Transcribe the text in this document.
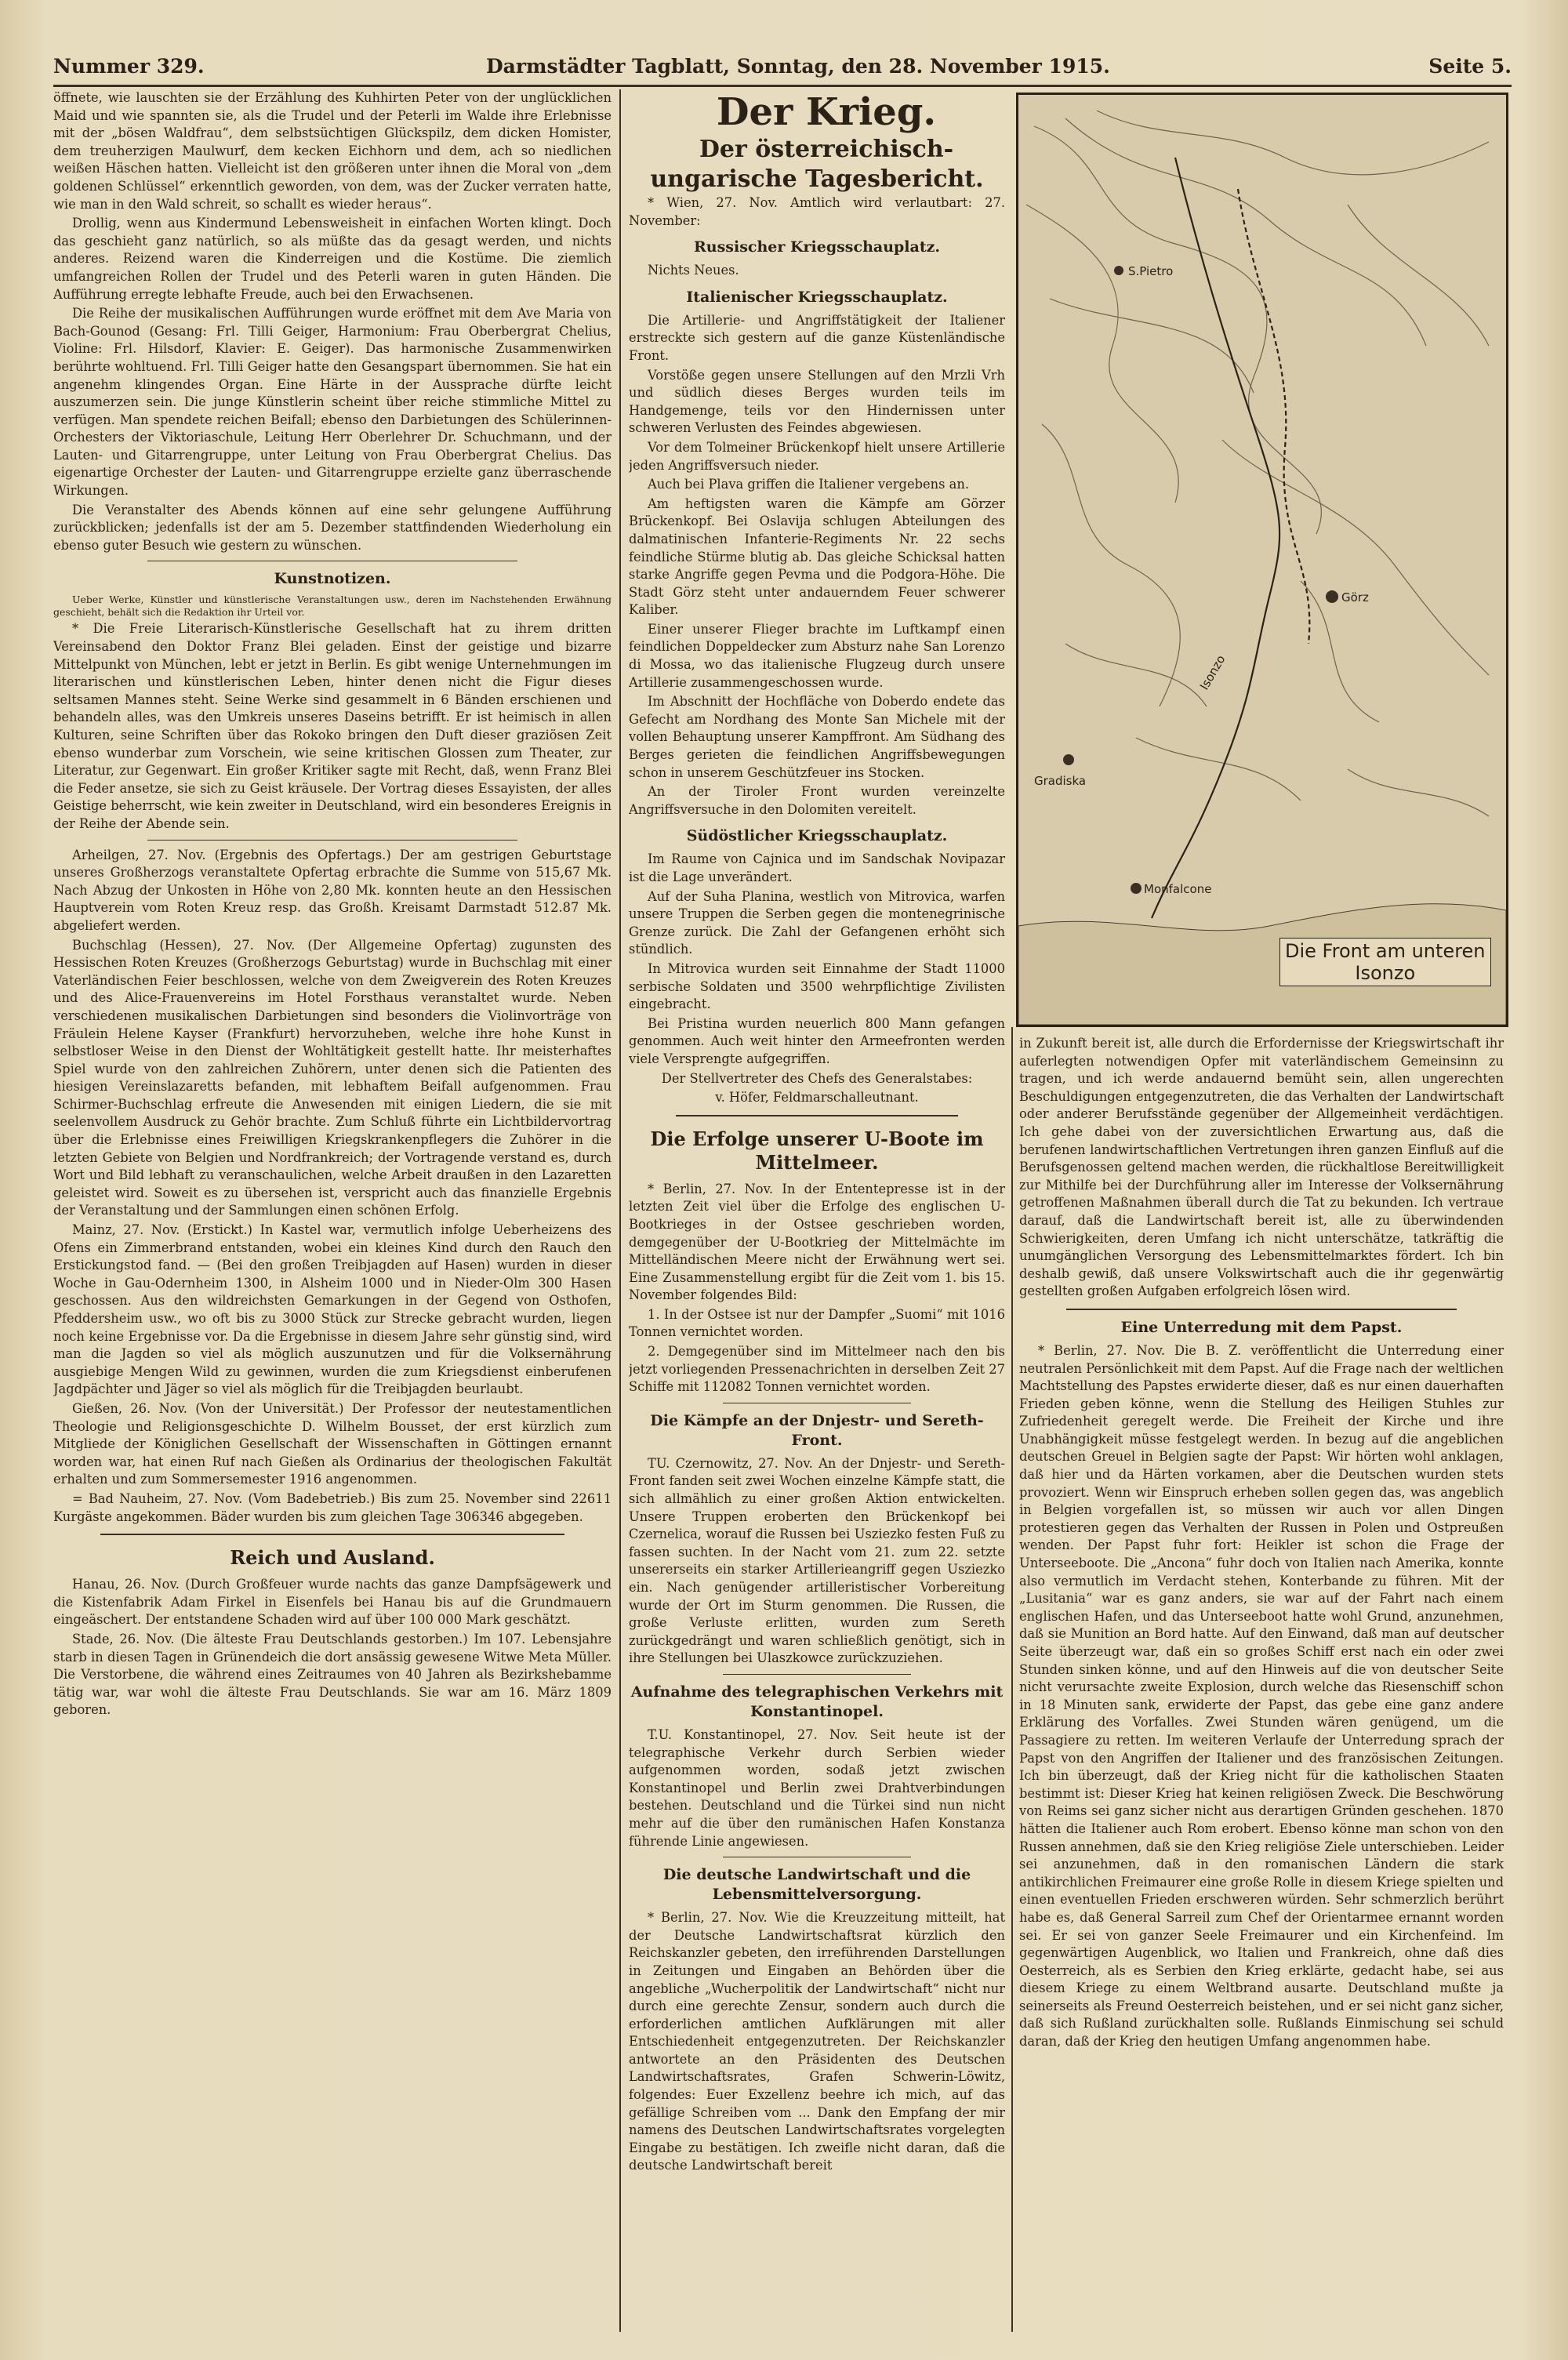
Nummer 329.	Darmstädter Tagblatt, Sonntag, den 28. November 1915.	Seite 5.

öffnete, wie lauschten sie der Erzählung des Kuhhirten Peter von der unglücklichen Maid und wie spannten sie, als die Trudel und der Peterli im Walde ihre Erlebnisse mit der „bösen Waldfrau“, dem selbstsüchtigen Glückspilz, dem dicken Homister, dem treuherzigen Maulwurf, dem kecken Eichhorn und dem, ach so niedlichen weißen Häschen hatten. Vielleicht ist den größeren unter ihnen die Moral von „dem goldenen Schlüssel“ erkenntlich geworden, von dem, was der Zucker verraten hatte, wie man in den Wald schreit, so schallt es wieder heraus“.

Drollig, wenn aus Kindermund Lebensweisheit in einfachen Worten klingt. Doch das geschieht ganz natürlich, so als müßte das da gesagt werden, und nichts anderes. Reizend waren die Kinderreigen und die Kostüme. Die ziemlich umfangreichen Rollen der Trudel und des Peterli waren in guten Händen. Die Aufführung erregte lebhafte Freude, auch bei den Erwachsenen.

Die Reihe der musikalischen Aufführungen wurde eröffnet mit dem Ave Maria von Bach-Gounod (Gesang: Frl. Tilli Geiger, Harmonium: Frau Oberbergrat Chelius, Violine: Frl. Hilsdorf, Klavier: E. Geiger). Das harmonische Zusammenwirken berührte wohltuend. Frl. Tilli Geiger hatte den Gesangspart übernommen. Sie hat ein angenehm klingendes Organ. Eine Härte in der Aussprache dürfte leicht auszumerzen sein. Die junge Künstlerin scheint über reiche stimmliche Mittel zu verfügen. Man spendete reichen Beifall; ebenso den Darbietungen des Schülerinnen-Orchesters der Viktoriaschule, Leitung Herr Oberlehrer Dr. Schuchmann, und der Lauten- und Gitarrengruppe, unter Leitung von Frau Oberbergrat Chelius. Das eigenartige Orchester der Lauten- und Gitarrengruppe erzielte ganz überraschende Wirkungen.

Die Veranstalter des Abends können auf eine sehr gelungene Aufführung zurückblicken; jedenfalls ist der am 5. Dezember stattfindenden Wiederholung ein ebenso guter Besuch wie gestern zu wünschen.

Kunstnotizen.

Ueber Werke, Künstler und künstlerische Veranstaltungen usw., deren im Nachstehenden Erwähnung geschieht, behält sich die Redaktion ihr Urteil vor.

* Die Freie Literarisch-Künstlerische Gesellschaft hat zu ihrem dritten Vereinsabend den Doktor Franz Blei geladen. Einst der geistige und bizarre Mittelpunkt von München, lebt er jetzt in Berlin. Es gibt wenige Unternehmungen im literarischen und künstlerischen Leben, hinter denen nicht die Figur dieses seltsamen Mannes steht. Seine Werke sind gesammelt in 6 Bänden erschienen und behandeln alles, was den Umkreis unseres Daseins betrifft. Er ist heimisch in allen Kulturen, seine Schriften über das Rokoko bringen den Duft dieser graziösen Zeit ebenso wunderbar zum Vorschein, wie seine kritischen Glossen zum Theater, zur Literatur, zur Gegenwart. Ein großer Kritiker sagte mit Recht, daß, wenn Franz Blei die Feder ansetze, sie sich zu Geist kräusele. Der Vortrag dieses Essayisten, der alles Geistige beherrscht, wie kein zweiter in Deutschland, wird ein besonderes Ereignis in der Reihe der Abende sein.

Arheilgen, 27. Nov. (Ergebnis des Opfertags.) Der am gestrigen Geburtstage unseres Großherzogs veranstaltete Opfertag erbrachte die Summe von 515,67 Mk. Nach Abzug der Unkosten in Höhe von 2,80 Mk. konnten heute an den Hessischen Hauptverein vom Roten Kreuz resp. das Großh. Kreisamt Darmstadt 512.87 Mk. abgeliefert werden.

Buchschlag (Hessen), 27. Nov. (Der Allgemeine Opfertag) zugunsten des Hessischen Roten Kreuzes (Großherzogs Geburtstag) wurde in Buchschlag mit einer Vaterländischen Feier beschlossen, welche von dem Zweigverein des Roten Kreuzes und des Alice-Frauenvereins im Hotel Forsthaus veranstaltet wurde. Neben verschiedenen musikalischen Darbietungen sind besonders die Violinvorträge von Fräulein Helene Kayser (Frankfurt) hervorzuheben, welche ihre hohe Kunst in selbstloser Weise in den Dienst der Wohltätigkeit gestellt hatte. Ihr meisterhaftes Spiel wurde von den zahlreichen Zuhörern, unter denen sich die Patienten des hiesigen Vereinslazaretts befanden, mit lebhaftem Beifall aufgenommen. Frau Schirmer-Buchschlag erfreute die Anwesenden mit einigen Liedern, die sie mit seelenvollem Ausdruck zu Gehör brachte. Zum Schluß führte ein Lichtbildervortrag über die Erlebnisse eines Freiwilligen Kriegskrankenpflegers die Zuhörer in die letzten Gebiete von Belgien und Nordfrankreich; der Vortragende verstand es, durch Wort und Bild lebhaft zu veranschaulichen, welche Arbeit draußen in den Lazaretten geleistet wird. Soweit es zu übersehen ist, verspricht auch das finanzielle Ergebnis der Veranstaltung und der Sammlungen einen schönen Erfolg.

Mainz, 27. Nov. (Erstickt.) In Kastel war, vermutlich infolge Ueberheizens des Ofens ein Zimmerbrand entstanden, wobei ein kleines Kind durch den Rauch den Erstickungstod fand. — (Bei den großen Treibjagden auf Hasen) wurden in dieser Woche in Gau-Odernheim 1300, in Alsheim 1000 und in Nieder-Olm 300 Hasen geschossen. Aus den wildreichsten Gemarkungen in der Gegend von Osthofen, Pfeddersheim usw., wo oft bis zu 3000 Stück zur Strecke gebracht wurden, liegen noch keine Ergebnisse vor. Da die Ergebnisse in diesem Jahre sehr günstig sind, wird man die Jagden so viel als möglich auszunutzen und für die Volksernährung ausgiebige Mengen Wild zu gewinnen, wurden die zum Kriegsdienst einberufenen Jagdpächter und Jäger so viel als möglich für die Treibjagden beurlaubt.

Gießen, 26. Nov. (Von der Universität.) Der Professor der neutestamentlichen Theologie und Religionsgeschichte D. Wilhelm Bousset, der erst kürzlich zum Mitgliede der Königlichen Gesellschaft der Wissenschaften in Göttingen ernannt worden war, hat einen Ruf nach Gießen als Ordinarius der theologischen Fakultät erhalten und zum Sommersemester 1916 angenommen.

= Bad Nauheim, 27. Nov. (Vom Badebetrieb.) Bis zum 25. November sind 22611 Kurgäste angekommen. Bäder wurden bis zum gleichen Tage 306346 abgegeben.

Reich und Ausland.

Hanau, 26. Nov. (Durch Großfeuer wurde nachts das ganze Dampfsägewerk und die Kistenfabrik Adam Firkel in Eisenfels bei Hanau bis auf die Grundmauern eingeäschert. Der entstandene Schaden wird auf über 100 000 Mark geschätzt.

Stade, 26. Nov. (Die älteste Frau Deutschlands gestorben.) Im 107. Lebensjahre starb in diesen Tagen in Grünendeich die dort ansässig gewesene Witwe Meta Müller. Die Verstorbene, die während eines Zeitraumes von 40 Jahren als Bezirkshebamme tätig war, war wohl die älteste Frau Deutschlands. Sie war am 16. März 1809 geboren.

Der Krieg.

Der österreichisch-ungarische Tagesbericht.

* Wien, 27. Nov. Amtlich wird verlautbart: 27. November:

Russischer Kriegsschauplatz.

Nichts Neues.

Italienischer Kriegsschauplatz.

Die Artillerie- und Angriffstätigkeit der Italiener erstreckte sich gestern auf die ganze Küstenländische Front.

Vorstöße gegen unsere Stellungen auf den Mrzli Vrh und südlich dieses Berges wurden teils im Handgemenge, teils vor den Hindernissen unter schweren Verlusten des Feindes abgewiesen.

Vor dem Tolmeiner Brückenkopf hielt unsere Artillerie jeden Angriffsversuch nieder.

Auch bei Plava griffen die Italiener vergebens an.

Am heftigsten waren die Kämpfe am Görzer Brückenkopf. Bei Oslavija schlugen Abteilungen des dalmatinischen Infanterie-Regiments Nr. 22 sechs feindliche Stürme blutig ab. Das gleiche Schicksal hatten starke Angriffe gegen Pevma und die Podgora-Höhe. Die Stadt Görz steht unter andauerndem Feuer schwerer Kaliber.

Einer unserer Flieger brachte im Luftkampf einen feindlichen Doppeldecker zum Absturz nahe San Lorenzo di Mossa, wo das italienische Flugzeug durch unsere Artillerie zusammengeschossen wurde.

Im Abschnitt der Hochfläche von Doberdo endete das Gefecht am Nordhang des Monte San Michele mit der vollen Behauptung unserer Kampffront. Am Südhang des Berges gerieten die feindlichen Angriffsbewegungen schon in unserem Geschützfeuer ins Stocken.

An der Tiroler Front wurden vereinzelte Angriffsversuche in den Dolomiten vereitelt.

Südöstlicher Kriegsschauplatz.

Im Raume von Cajnica und im Sandschak Novipazar ist die Lage unverändert.

Auf der Suha Planina, westlich von Mitrovica, warfen unsere Truppen die Serben gegen die montenegrinische Grenze zurück. Die Zahl der Gefangenen erhöht sich stündlich.

In Mitrovica wurden seit Einnahme der Stadt 11000 serbische Soldaten und 3500 wehrpflichtige Zivilisten eingebracht.

Bei Pristina wurden neuerlich 800 Mann gefangen genommen. Auch weit hinter den Armeefronten werden viele Versprengte aufgegriffen.

Der Stellvertreter des Chefs des Generalstabes:

v. Höfer, Feldmarschalleutnant.

Die Erfolge unserer U-Boote im Mittelmeer.

* Berlin, 27. Nov. In der Ententepresse ist in der letzten Zeit viel über die Erfolge des englischen U-Bootkrieges in der Ostsee geschrieben worden, demgegenüber der U-Bootkrieg der Mittelmächte im Mittelländischen Meere nicht der Erwähnung wert sei. Eine Zusammenstellung ergibt für die Zeit vom 1. bis 15. November folgendes Bild:

1. In der Ostsee ist nur der Dampfer „Suomi“ mit 1016 Tonnen vernichtet worden.

2. Demgegenüber sind im Mittelmeer nach den bis jetzt vorliegenden Pressenachrichten in derselben Zeit 27 Schiffe mit 112082 Tonnen vernichtet worden.

Die Kämpfe an der Dnjestr- und Sereth-Front.

TU. Czernowitz, 27. Nov. An der Dnjestr- und Sereth-Front fanden seit zwei Wochen einzelne Kämpfe statt, die sich allmählich zu einer großen Aktion entwickelten. Unsere Truppen eroberten den Brückenkopf bei Czernelica, worauf die Russen bei Usziezko festen Fuß zu fassen suchten. In der Nacht vom 21. zum 22. setzte unsererseits ein starker Artillerieangriff gegen Usziezko ein. Nach genügender artilleristischer Vorbereitung wurde der Ort im Sturm genommen. Die Russen, die große Verluste erlitten, wurden zum Sereth zurückgedrängt und waren schließlich genötigt, sich in ihre Stellungen bei Ulaszkowce zurückzuziehen.

Aufnahme des telegraphischen Verkehrs mit Konstantinopel.

T.U. Konstantinopel, 27. Nov. Seit heute ist der telegraphische Verkehr durch Serbien wieder aufgenommen worden, sodaß jetzt zwischen Konstantinopel und Berlin zwei Drahtverbindungen bestehen. Deutschland und die Türkei sind nun nicht mehr auf die über den rumänischen Hafen Konstanza führende Linie angewiesen.

Die deutsche Landwirtschaft und die Lebensmittelversorgung.

* Berlin, 27. Nov. Wie die Kreuzzeitung mitteilt, hat der Deutsche Landwirtschaftsrat kürzlich den Reichskanzler gebeten, den irreführenden Darstellungen in Zeitungen und Eingaben an Behörden über die angebliche „Wucherpolitik der Landwirtschaft“ nicht nur durch eine gerechte Zensur, sondern auch durch die erforderlichen amtlichen Aufklärungen mit aller Entschiedenheit entgegenzutreten. Der Reichskanzler antwortete an den Präsidenten des Deutschen Landwirtschaftsrates, Grafen Schwerin-Löwitz, folgendes: Euer Exzellenz beehre ich mich, auf das gefällige Schreiben vom ... Dank den Empfang der mir namens des Deutschen Landwirtschaftsrates vorgelegten Eingabe zu bestätigen. Ich zweifle nicht daran, daß die deutsche Landwirtschaft bereit

S.Pietro
Görz
Gradiska
Monfalcone
Isonzo
Die Front am unteren
Isonzo

in Zukunft bereit ist, alle durch die Erfordernisse der Kriegswirtschaft ihr auferlegten notwendigen Opfer mit vaterländischem Gemeinsinn zu tragen, und ich werde andauernd bemüht sein, allen ungerechten Beschuldigungen entgegenzutreten, die das Verhalten der Landwirtschaft oder anderer Berufsstände gegenüber der Allgemeinheit verdächtigen. Ich gehe dabei von der zuversichtlichen Erwartung aus, daß die berufenen landwirtschaftlichen Vertretungen ihren ganzen Einfluß auf die Berufsgenossen geltend machen werden, die rückhaltlose Bereitwilligkeit zur Mithilfe bei der Durchführung aller im Interesse der Volksernährung getroffenen Maßnahmen überall durch die Tat zu bekunden. Ich vertraue darauf, daß die Landwirtschaft bereit ist, alle zu überwindenden Schwierigkeiten, deren Umfang ich nicht unterschätze, tatkräftig die unumgänglichen Versorgung des Lebensmittelmarktes fördert. Ich bin deshalb gewiß, daß unsere Volkswirtschaft auch die ihr gegenwärtig gestellten großen Aufgaben erfolgreich lösen wird.

Eine Unterredung mit dem Papst.

* Berlin, 27. Nov. Die B. Z. veröffentlicht die Unterredung einer neutralen Persönlichkeit mit dem Papst. Auf die Frage nach der weltlichen Machtstellung des Papstes erwiderte dieser, daß es nur einen dauerhaften Frieden geben könne, wenn die Stellung des Heiligen Stuhles zur Zufriedenheit geregelt werde. Die Freiheit der Kirche und ihre Unabhängigkeit müsse festgelegt werden. In bezug auf die angeblichen deutschen Greuel in Belgien sagte der Papst: Wir hörten wohl anklagen, daß hier und da Härten vorkamen, aber die Deutschen wurden stets provoziert. Wenn wir Einspruch erheben sollen gegen das, was angeblich in Belgien vorgefallen ist, so müssen wir auch vor allen Dingen protestieren gegen das Verhalten der Russen in Polen und Ostpreußen wenden. Der Papst fuhr fort: Heikler ist schon die Frage der Unterseeboote. Die „Ancona“ fuhr doch von Italien nach Amerika, konnte also vermutlich im Verdacht stehen, Konterbande zu führen. Mit der „Lusitania“ war es ganz anders, sie war auf der Fahrt nach einem englischen Hafen, und das Unterseeboot hatte wohl Grund, anzunehmen, daß sie Munition an Bord hatte. Auf den Einwand, daß man auf deutscher Seite überzeugt war, daß ein so großes Schiff erst nach ein oder zwei Stunden sinken könne, und auf den Hinweis auf die von deutscher Seite nicht verursachte zweite Explosion, durch welche das Riesenschiff schon in 18 Minuten sank, erwiderte der Papst, das gebe eine ganz andere Erklärung des Vorfalles. Zwei Stunden wären genügend, um die Passagiere zu retten. Im weiteren Verlaufe der Unterredung sprach der Papst von den Angriffen der Italiener und des französischen Zeitungen. Ich bin überzeugt, daß der Krieg nicht für die katholischen Staaten bestimmt ist: Dieser Krieg hat keinen religiösen Zweck. Die Beschwörung von Reims sei ganz sicher nicht aus derartigen Gründen geschehen. 1870 hätten die Italiener auch Rom erobert. Ebenso könne man schon von den Russen annehmen, daß sie den Krieg religiöse Ziele unterschieben. Leider sei anzunehmen, daß in den romanischen Ländern die stark antikirchlichen Freimaurer eine große Rolle in diesem Kriege spielten und einen eventuellen Frieden erschweren würden. Sehr schmerzlich berührt habe es, daß General Sarreil zum Chef der Orientarmee ernannt worden sei. Er sei von ganzer Seele Freimaurer und ein Kirchenfeind. Im gegenwärtigen Augenblick, wo Italien und Frankreich, ohne daß dies Oesterreich, als es Serbien den Krieg erklärte, gedacht habe, sei aus diesem Kriege zu einem Weltbrand ausarte. Deutschland mußte ja seinerseits als Freund Oesterreich beistehen, und er sei nicht ganz sicher, daß sich Rußland zurückhalten solle. Rußlands Einmischung sei schuld daran, daß der Krieg den heutigen Umfang angenommen habe.
